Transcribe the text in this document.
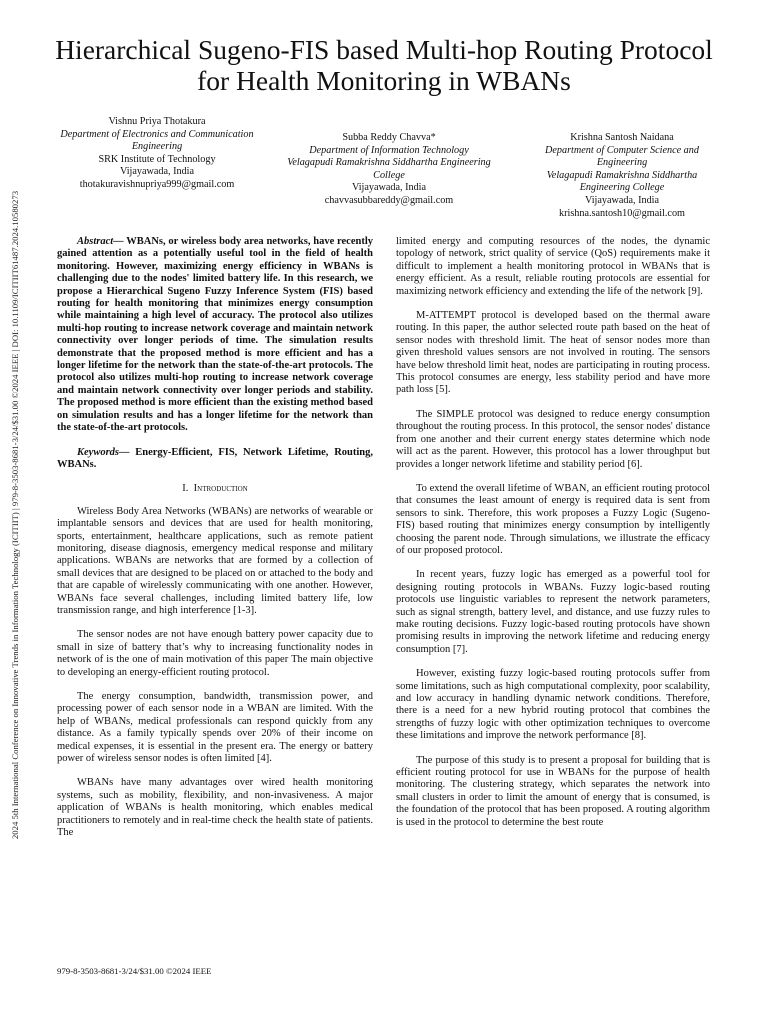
2024 5th International Conference on Innovative Trends in Information Technology (ICITIIT) | 979-8-3503-8681-3/24/$31.00 ©2024 IEEE | DOI: 10.1109/ICITIIT61487.2024.10580273
Hierarchical Sugeno-FIS based Multi-hop Routing Protocol for Health Monitoring in WBANs
Vishnu Priya Thotakura
Department of Electronics and Communication Engineering
SRK Institute of Technology
Vijayawada, India
thotakuravishnupriya999@gmail.com
Subba Reddy Chavva*
Department of Information Technology
Velagapudi Ramakrishna Siddhartha Engineering College
Vijayawada, India
chavvasubbareddy@gmail.com
Krishna Santosh Naidana
Department of Computer Science and Engineering
Velagapudi Ramakrishna Siddhartha Engineering College
Vijayawada, India
krishna.santosh10@gmail.com

Abstract— WBANs, or wireless body area networks, have recently gained attention as a potentially useful tool in the field of health monitoring. However, maximizing energy efficiency in WBANs is challenging due to the nodes' limited battery life. In this research, we propose a Hierarchical Sugeno Fuzzy Inference System (FIS) based routing for health monitoring that minimizes energy consumption while maintaining a high level of accuracy. The protocol also utilizes multi-hop routing to increase network coverage and maintain network connectivity over longer periods of time. The simulation results demonstrate that the proposed method is more efficient and has a longer lifetime for the network than the state-of-the-art protocols. The protocol also utilizes multi-hop routing to increase network coverage and maintain network connectivity over longer periods and stability. The proposed method is more efficient than the existing method based on simulation results and has a longer lifetime for the network than the state-of-the-art protocols.

Keywords— Energy-Efficient, FIS, Network Lifetime, Routing, WBANs.

I. Introduction

Wireless Body Area Networks (WBANs) are networks of wearable or implantable sensors and devices that are used for health monitoring, sports, entertainment, healthcare applications, such as remote patient monitoring, disease diagnosis, emergency medical response and military applications. WBANs are networks that are formed by a collection of small devices that are designed to be placed on or attached to the body and that are capable of wirelessly communicating with one another. However, WBANs face several challenges, including limited battery life, low transmission range, and high interference [1-3].

The sensor nodes are not have enough battery power capacity due to small in size of battery that’s why to increasing functionality nodes in network of is the one of main motivation of this paper The main objective to developing an energy-efficient routing protocol.

The energy consumption, bandwidth, transmission power, and processing power of each sensor node in a WBAN are limited. With the help of WBANs, medical professionals can respond quickly from any distance. As a family typically spends over 20% of their income on medical expenses, it is essential in the present era. The energy or battery power of wireless sensor nodes is often limited [4].

WBANs have many advantages over wired health monitoring systems, such as mobility, flexibility, and non-invasiveness. A major application of WBANs is health monitoring, which enables medical practitioners to remotely and in real-time check the health state of patients. The

limited energy and computing resources of the nodes, the dynamic topology of network, strict quality of service (QoS) requirements make it difficult to implement a health monitoring protocol in WBANs that is energy efficient. As a result, reliable routing protocols are essential for maximizing network efficiency and extending the life of the network [9].

M-ATTEMPT protocol is developed based on the thermal aware routing. In this paper, the author selected route path based on the heat of sensor nodes with threshold limit. The heat of sensor nodes more than given threshold values sensors are not involved in routing. The sensors have below threshold limit heat, nodes are participating in routing process. This protocol consumes are energy, less stability period and have more path loss [5].

The SIMPLE protocol was designed to reduce energy consumption throughout the routing process. In this protocol, the sensor nodes' distance from one another and their current energy states determine which node will act as the parent. However, this protocol has a lower throughput but provides a longer network lifetime and stability period [6].

To extend the overall lifetime of WBAN, an efficient routing protocol that consumes the least amount of energy is required data is sent from sensors to sink. Therefore, this work proposes a Fuzzy Logic (Sugeno-FIS) based routing that minimizes energy consumption by intelligently choosing the parent node. Through simulations, we illustrate the efficacy of our proposed protocol.

In recent years, fuzzy logic has emerged as a powerful tool for designing routing protocols in WBANs. Fuzzy logic-based routing protocols use linguistic variables to represent the network parameters, such as signal strength, battery level, and distance, and use fuzzy rules to make routing decisions. Fuzzy logic-based routing protocols have shown promising results in improving the network lifetime and reducing energy consumption [7].

However, existing fuzzy logic-based routing protocols suffer from some limitations, such as high computational complexity, poor scalability, and low accuracy in handling dynamic network conditions. Therefore, there is a need for a new hybrid routing protocol that combines the strengths of fuzzy logic with other optimization techniques to overcome these limitations and improve the network performance [8].

The purpose of this study is to present a proposal for building that is efficient routing protocol for use in WBANs for the purpose of health monitoring. The clustering strategy, which separates the network into small clusters in order to limit the amount of energy that is consumed, is the foundation of the protocol that has been proposed. A routing algorithm is used in the protocol to determine the best route

979-8-3503-8681-3/24/$31.00 ©2024 IEEE
